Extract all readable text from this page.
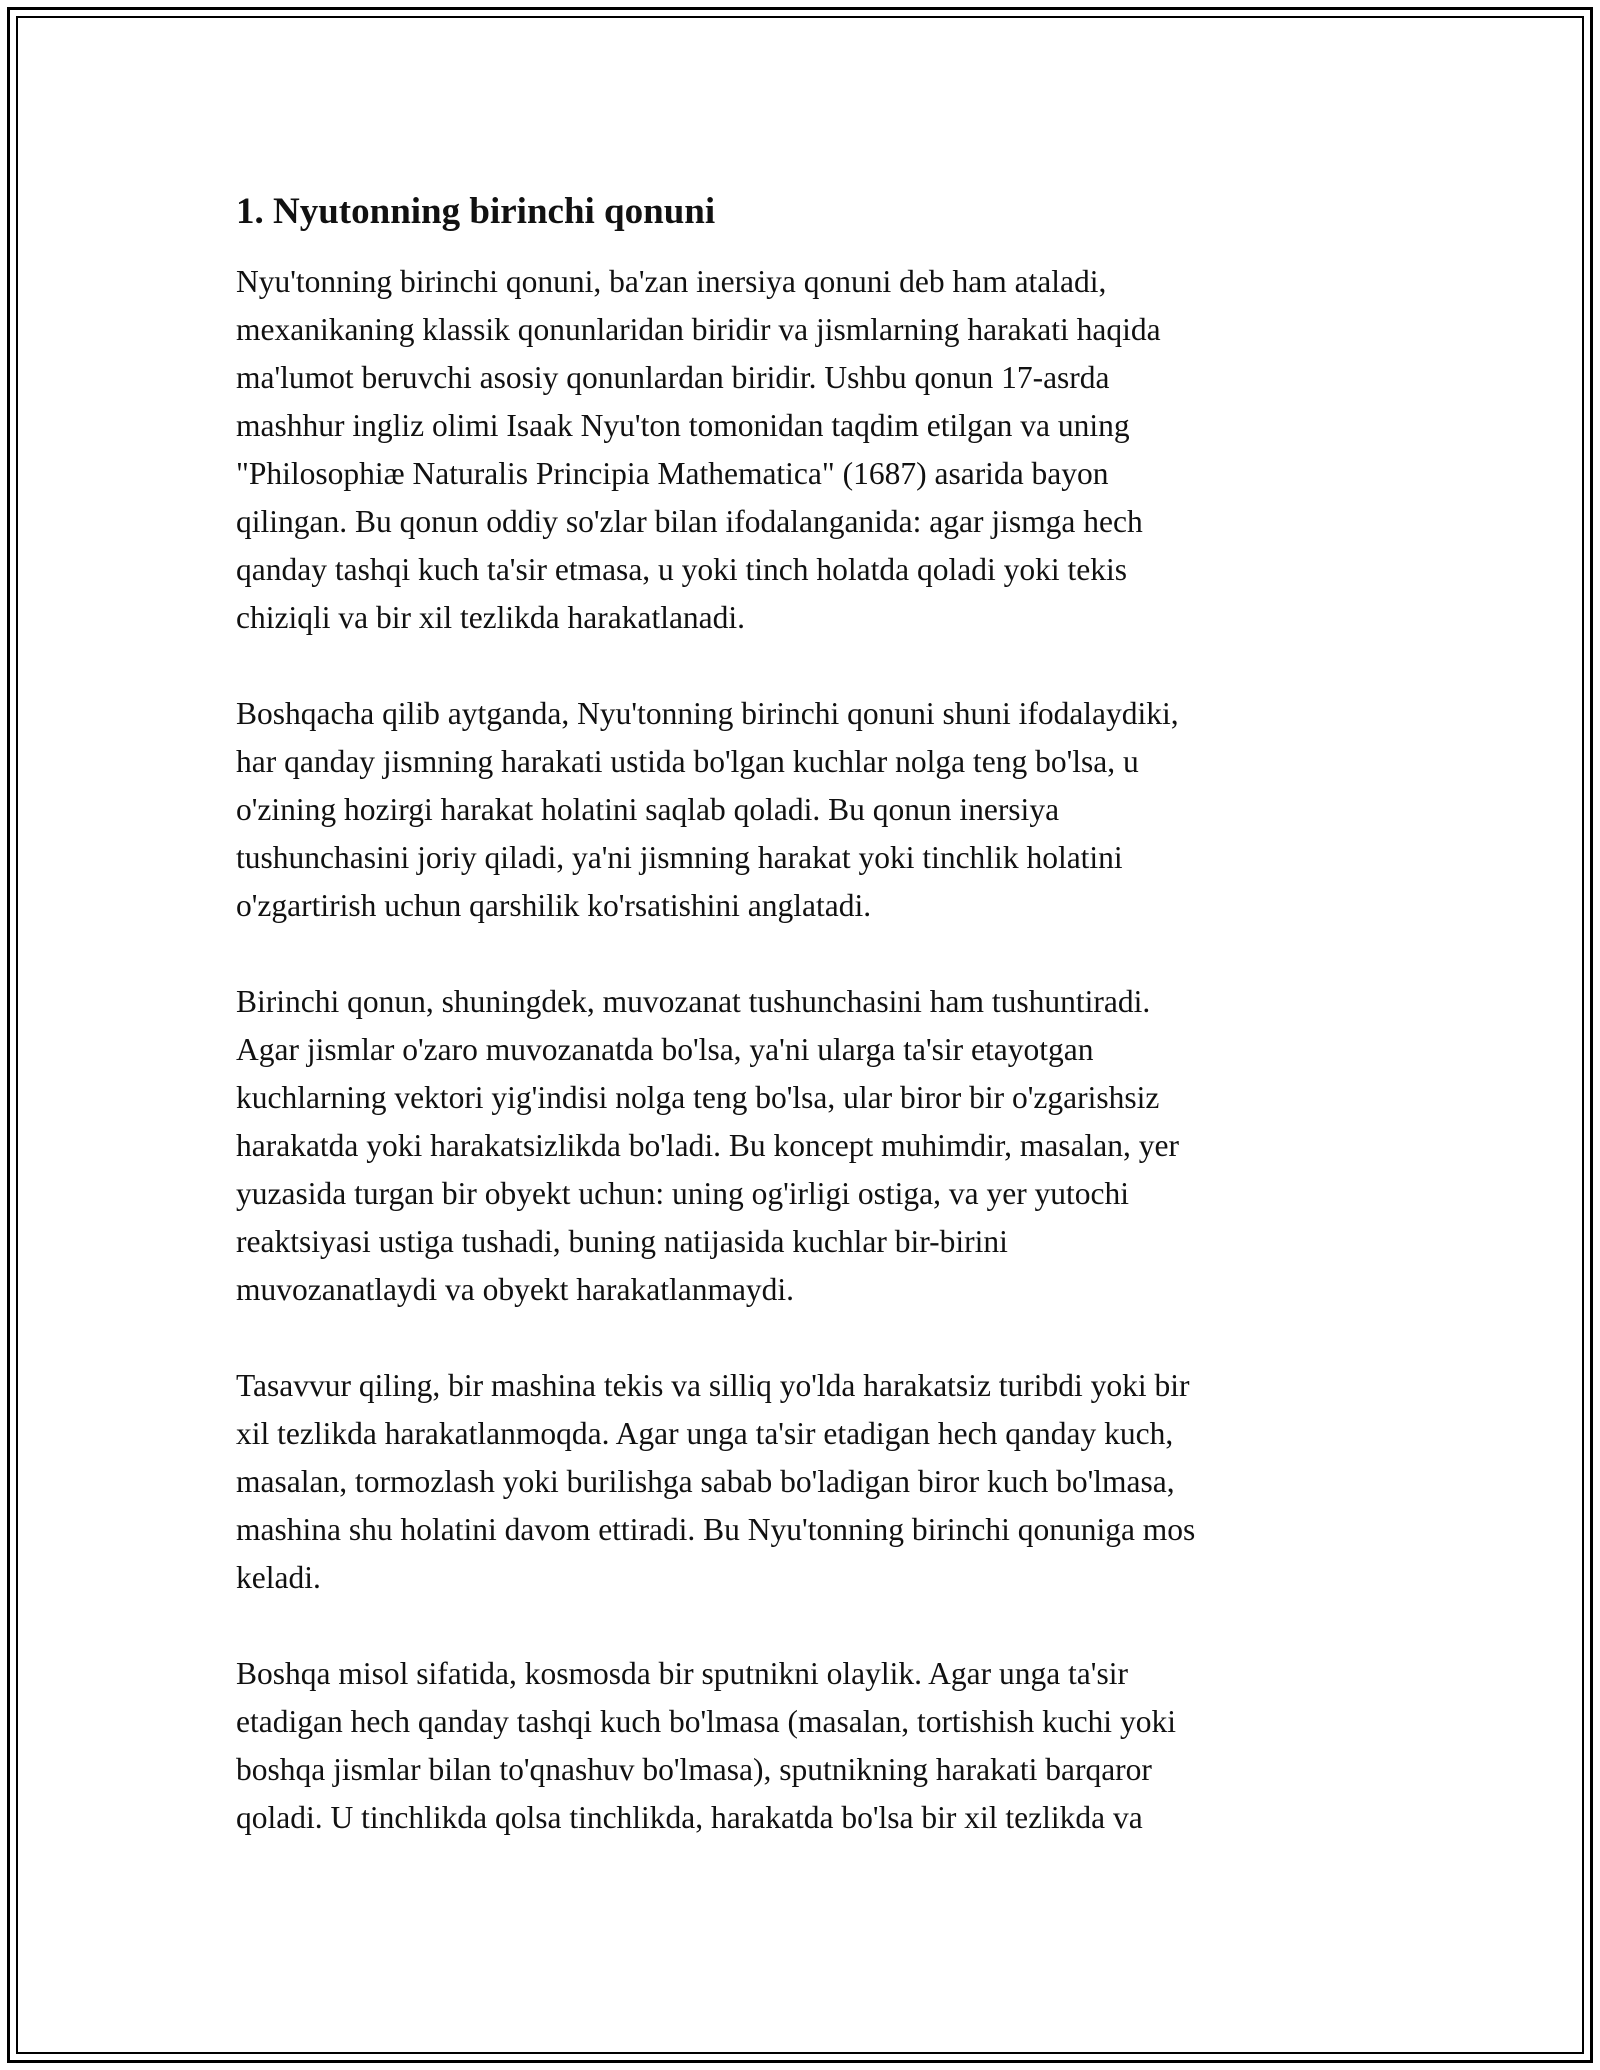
1. Nyutonning birinchi qonuni

Nyu'tonning birinchi qonuni, ba'zan inersiya qonuni deb ham ataladi,
mexanikaning klassik qonunlaridan biridir va jismlarning harakati haqida
ma'lumot beruvchi asosiy qonunlardan biridir. Ushbu qonun 17-asrda
mashhur ingliz olimi Isaak Nyu'ton tomonidan taqdim etilgan va uning
"Philosophiæ Naturalis Principia Mathematica" (1687) asarida bayon
qilingan. Bu qonun oddiy so'zlar bilan ifodalanganida: agar jismga hech
qanday tashqi kuch ta'sir etmasa, u yoki tinch holatda qoladi yoki tekis
chiziqli va bir xil tezlikda harakatlanadi.

Boshqacha qilib aytganda, Nyu'tonning birinchi qonuni shuni ifodalaydiki,
har qanday jismning harakati ustida bo'lgan kuchlar nolga teng bo'lsa, u
o'zining hozirgi harakat holatini saqlab qoladi. Bu qonun inersiya
tushunchasini joriy qiladi, ya'ni jismning harakat yoki tinchlik holatini
o'zgartirish uchun qarshilik ko'rsatishini anglatadi.

Birinchi qonun, shuningdek, muvozanat tushunchasini ham tushuntiradi.
Agar jismlar o'zaro muvozanatda bo'lsa, ya'ni ularga ta'sir etayotgan
kuchlarning vektori yig'indisi nolga teng bo'lsa, ular biror bir o'zgarishsiz
harakatda yoki harakatsizlikda bo'ladi. Bu koncept muhimdir, masalan, yer
yuzasida turgan bir obyekt uchun: uning og'irligi ostiga, va yer yutochi
reaktsiyasi ustiga tushadi, buning natijasida kuchlar bir-birini
muvozanatlaydi va obyekt harakatlanmaydi.

Tasavvur qiling, bir mashina tekis va silliq yo'lda harakatsiz turibdi yoki bir
xil tezlikda harakatlanmoqda. Agar unga ta'sir etadigan hech qanday kuch,
masalan, tormozlash yoki burilishga sabab bo'ladigan biror kuch bo'lmasa,
mashina shu holatini davom ettiradi. Bu Nyu'tonning birinchi qonuniga mos
keladi.

Boshqa misol sifatida, kosmosda bir sputnikni olaylik. Agar unga ta'sir
etadigan hech qanday tashqi kuch bo'lmasa (masalan, tortishish kuchi yoki
boshqa jismlar bilan to'qnashuv bo'lmasa), sputnikning harakati barqaror
qoladi. U tinchlikda qolsa tinchlikda, harakatda bo'lsa bir xil tezlikda va
